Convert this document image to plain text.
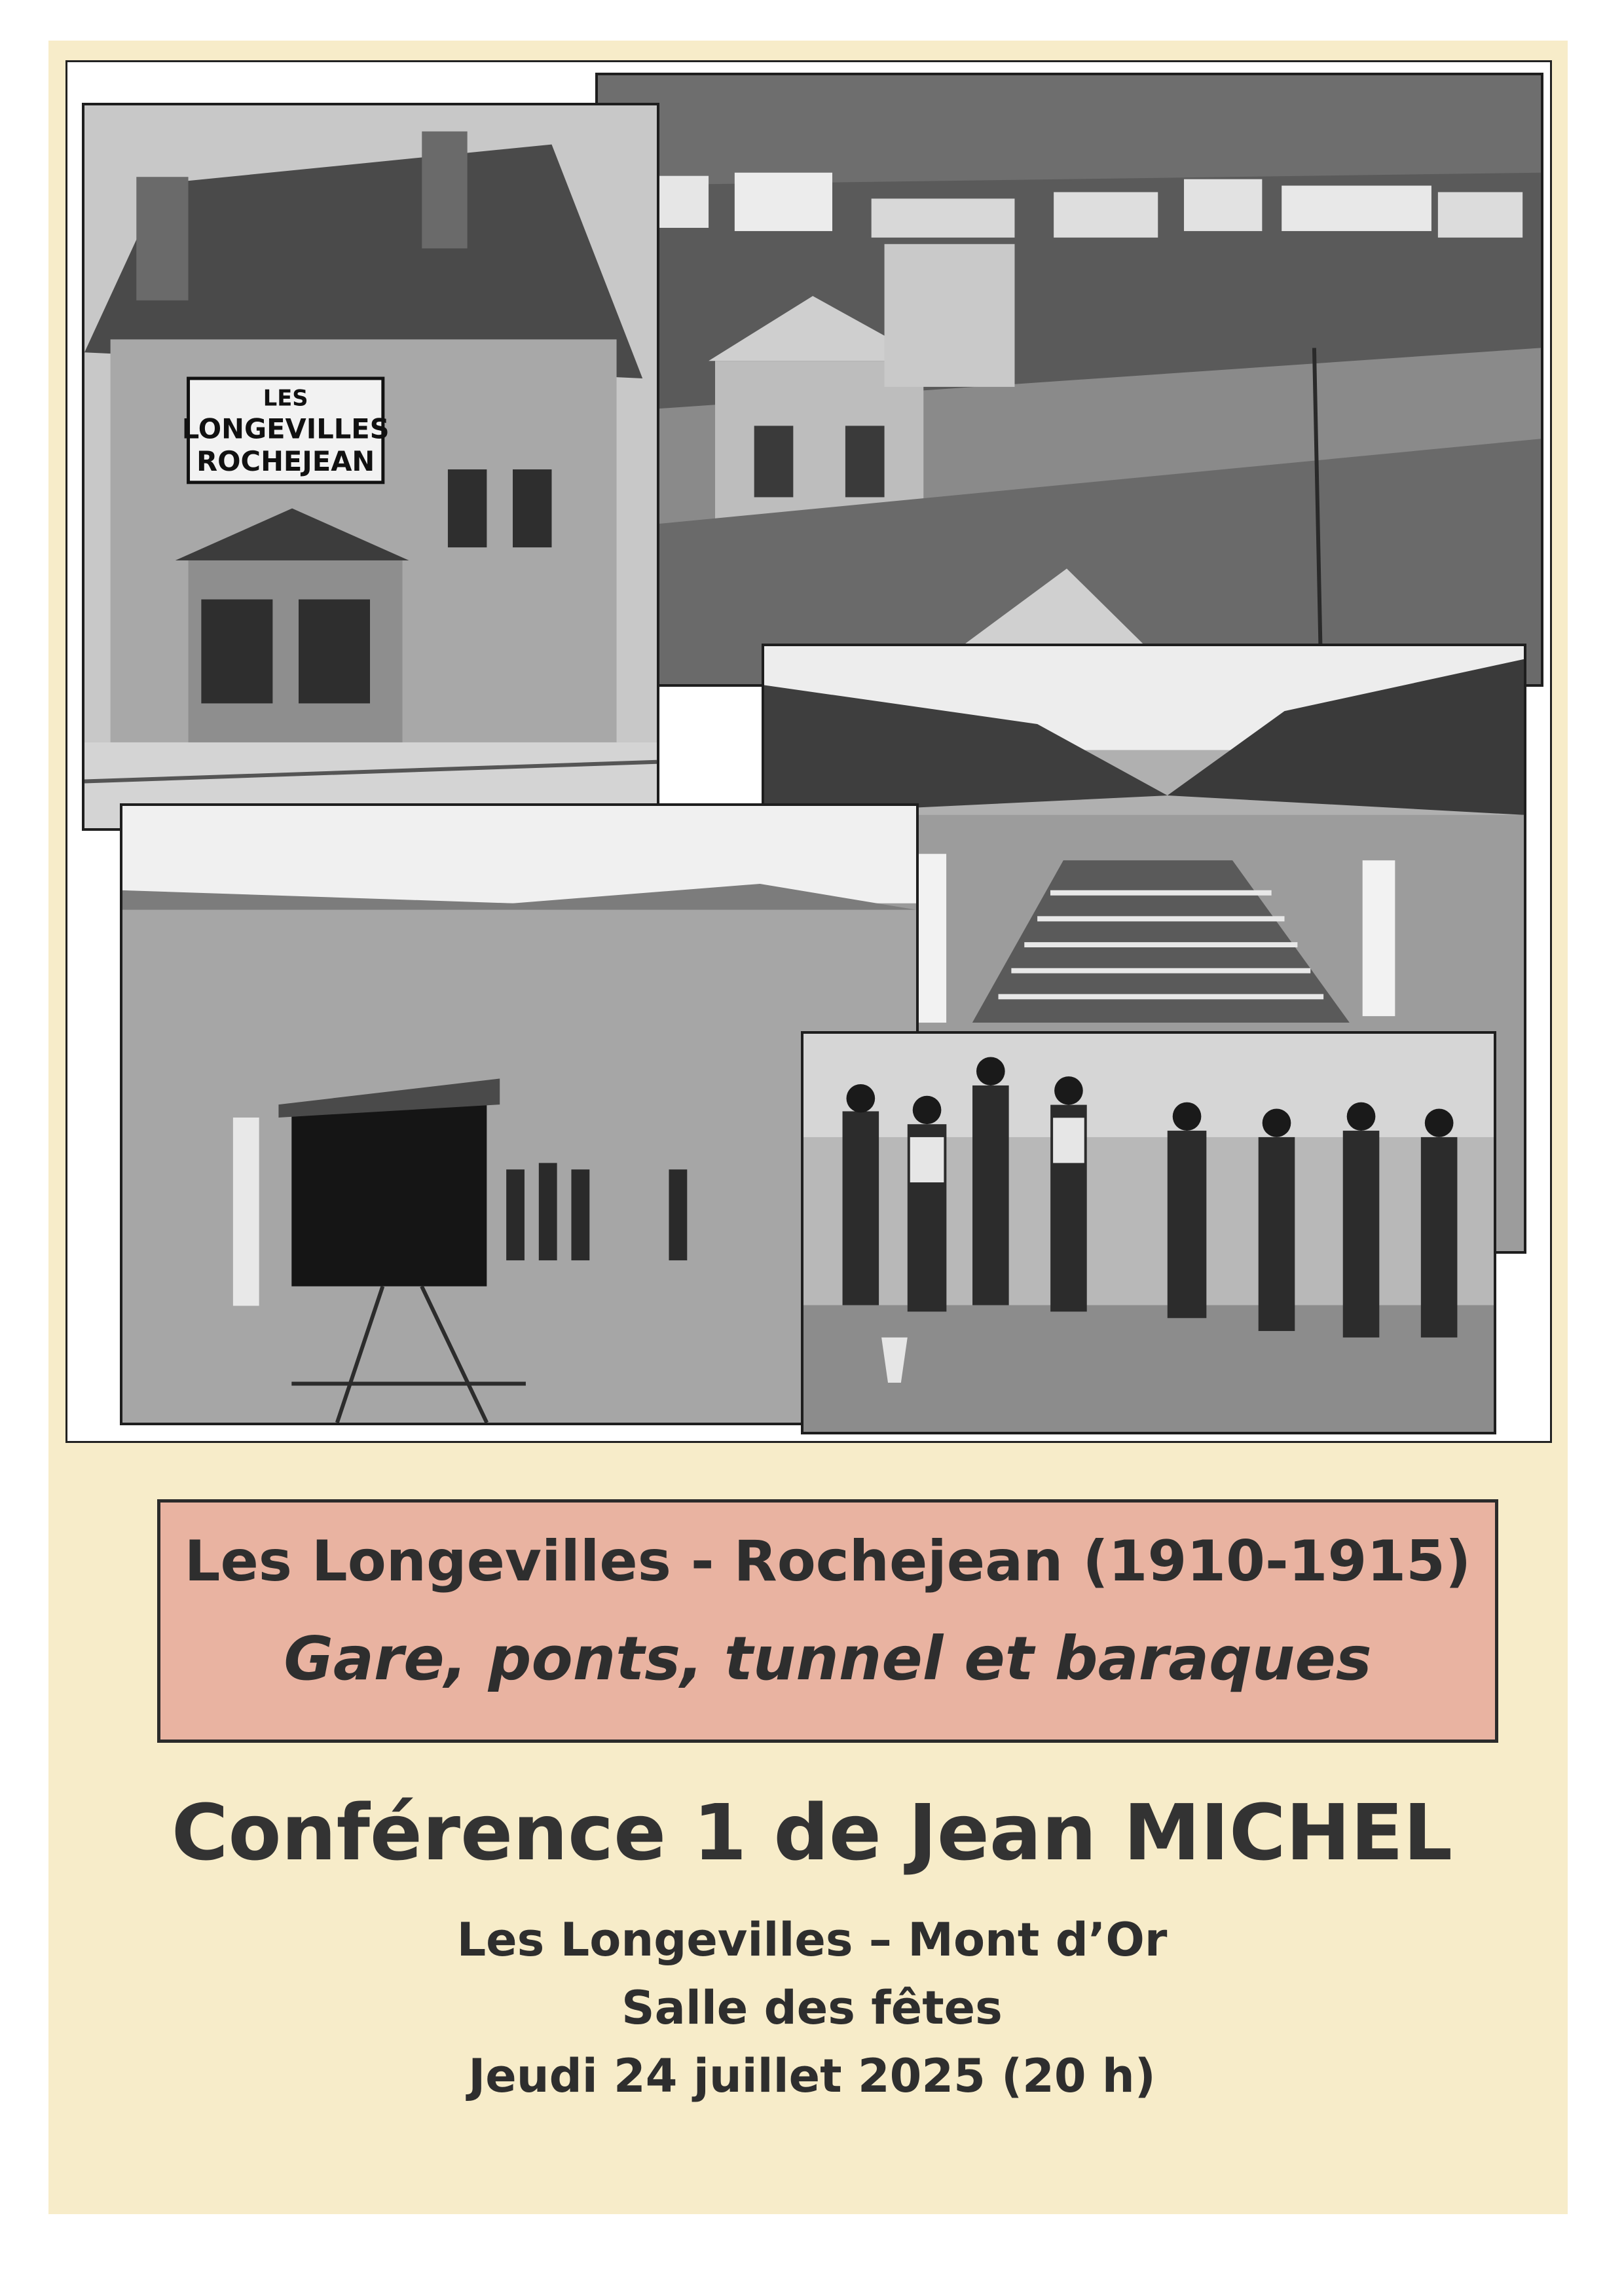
LES
LONGEVILLES
ROCHEJEAN
Les Longevilles - Rochejean (1910-1915)
Gare, ponts, tunnel et baraques
Conférence 1 de Jean MICHEL
Les Longevilles – Mont d’Or
Salle des fêtes
Jeudi 24 juillet 2025 (20 h)
